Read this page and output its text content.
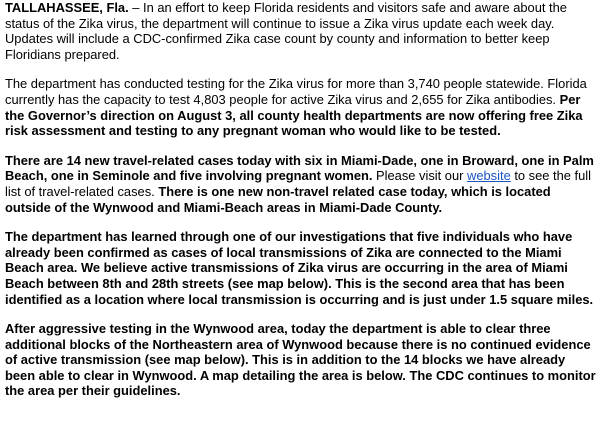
TALLAHASSEE, Fla. – In an effort to keep Florida residents and visitors safe and aware about the status of the Zika virus, the department will continue to issue a Zika virus update each week day. Updates will include a CDC-confirmed Zika case count by county and information to better keep Floridians prepared.

The department has conducted testing for the Zika virus for more than 3,740 people statewide. Florida currently has the capacity to test 4,803 people for active Zika virus and 2,655 for Zika antibodies. Per the Governor’s direction on August 3, all county health departments are now offering free Zika risk assessment and testing to any pregnant woman who would like to be tested.

There are 14 new travel-related cases today with six in Miami-Dade, one in Broward, one in Palm Beach, one in Seminole and five involving pregnant women. Please visit our website to see the full list of travel-related cases. There is one new non-travel related case today, which is located outside of the Wynwood and Miami-Beach areas in Miami-Dade County.

The department has learned through one of our investigations that five individuals who have already been confirmed as cases of local transmissions of Zika are connected to the Miami Beach area. We believe active transmissions of Zika virus are occurring in the area of Miami Beach between 8th and 28th streets (see map below). This is the second area that has been identified as a location where local transmission is occurring and is just under 1.5 square miles.

After aggressive testing in the Wynwood area, today the department is able to clear three additional blocks of the Northeastern area of Wynwood because there is no continued evidence of active transmission (see map below). This is in addition to the 14 blocks we have already been able to clear in Wynwood. A map detailing the area is below. The CDC continues to monitor the area per their guidelines.
